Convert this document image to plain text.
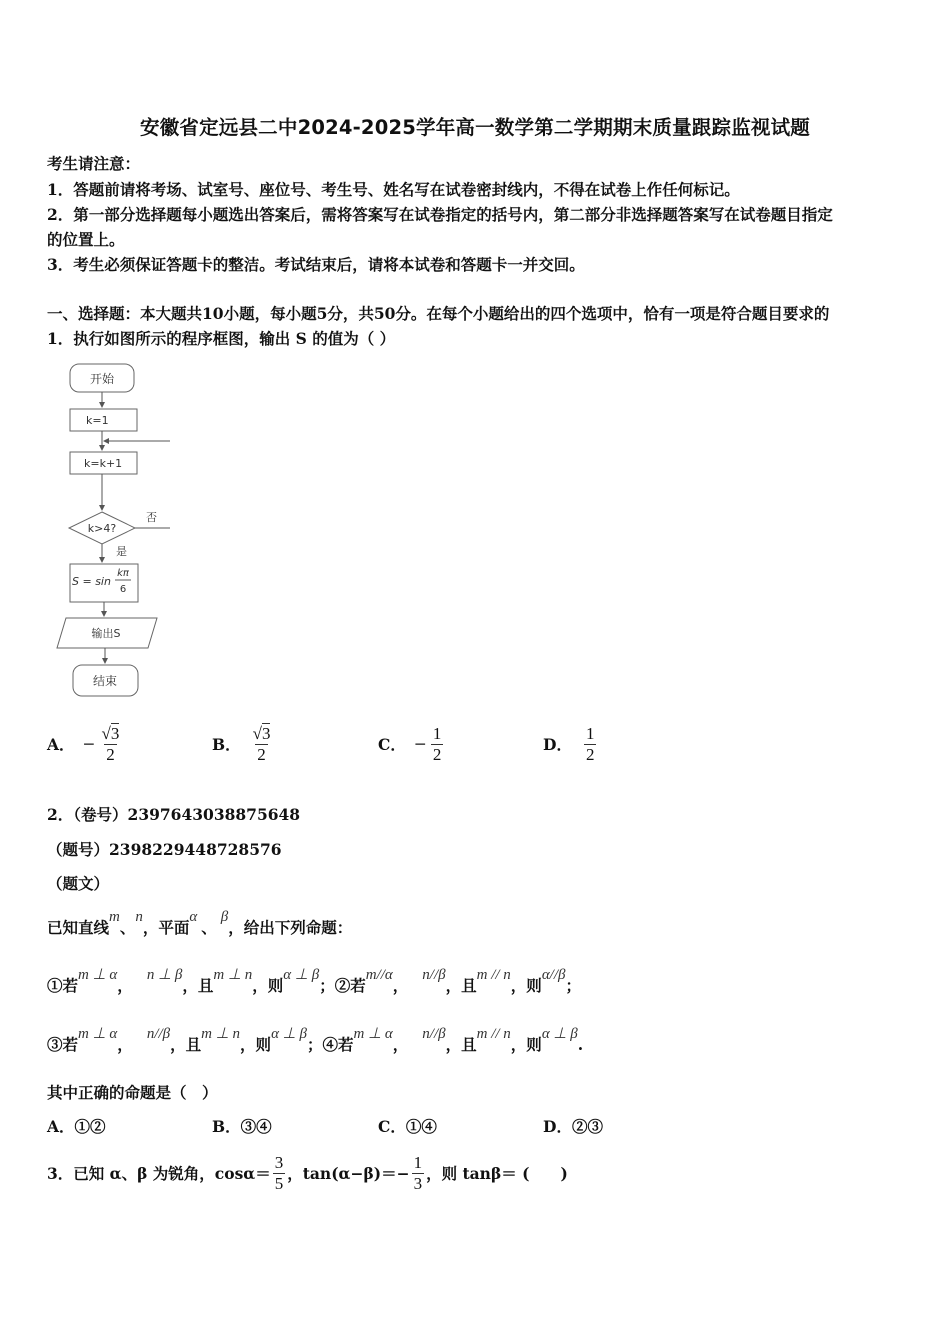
安徽省定远县二中2024-2025学年高一数学第二学期期末质量跟踪监视试题
考生请注意：
1．答题前请将考场、试室号、座位号、考生号、姓名写在试卷密封线内，不得在试卷上作任何标记。
2．第一部分选择题每小题选出答案后，需将答案写在试卷指定的括号内，第二部分非选择题答案写在试卷题目指定
的位置上。
3．考生必须保证答题卡的整洁。考试结束后，请将本试卷和答题卡一并交回。
一、选择题：本大题共10小题，每小题5分，共50分。在每个小题给出的四个选项中，恰有一项是符合题目要求的
1．执行如图所示的程序框图，输出 S 的值为（ ）
开始
k=1
k=k+1
k>4?
否
是
S = sin
kπ
6
输出S
结束
A． − $\frac{√3}{2}$	B． $\frac{√3}{2}$	C． − $\frac{1}{2}$	D． $\frac{1}{2}$
2．（卷号）2397643038875648
（题号）2398229448728576
（题文）
已知直线m、n，平面α、β，给出下列命题：
①若m ⊥ α，n ⊥ β，且m ⊥ n，则α ⊥ β；②若m//α，n//β，且m // n，则α//β；
③若m ⊥ α，n//β，且m ⊥ n，则α ⊥ β；④若m ⊥ α，n//β，且m // n，则α ⊥ β.
其中正确的命题是（　）
A．①②	B．③④	C．①④	D．②③
3．已知 α、β 为锐角，$\cos\alpha= \frac{3}{5}$ ，$\tan(\alpha-\beta)=- \frac{1}{3}$ ，则 tanβ＝ (　　)
